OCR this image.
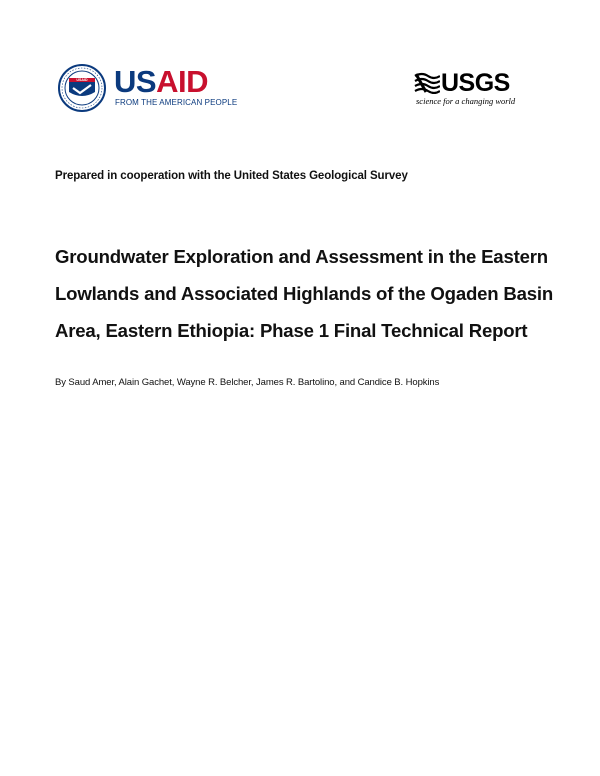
USAID USAID
FROM THE AMERICAN PEOPLE
USGS
science for a changing world
Prepared in cooperation with the United States Geological Survey
Groundwater Exploration and Assessment in the Eastern
Lowlands and Associated Highlands of the Ogaden Basin
Area, Eastern Ethiopia: Phase 1 Final Technical Report
By Saud Amer, Alain Gachet, Wayne R. Belcher, James R. Bartolino, and Candice B. Hopkins
